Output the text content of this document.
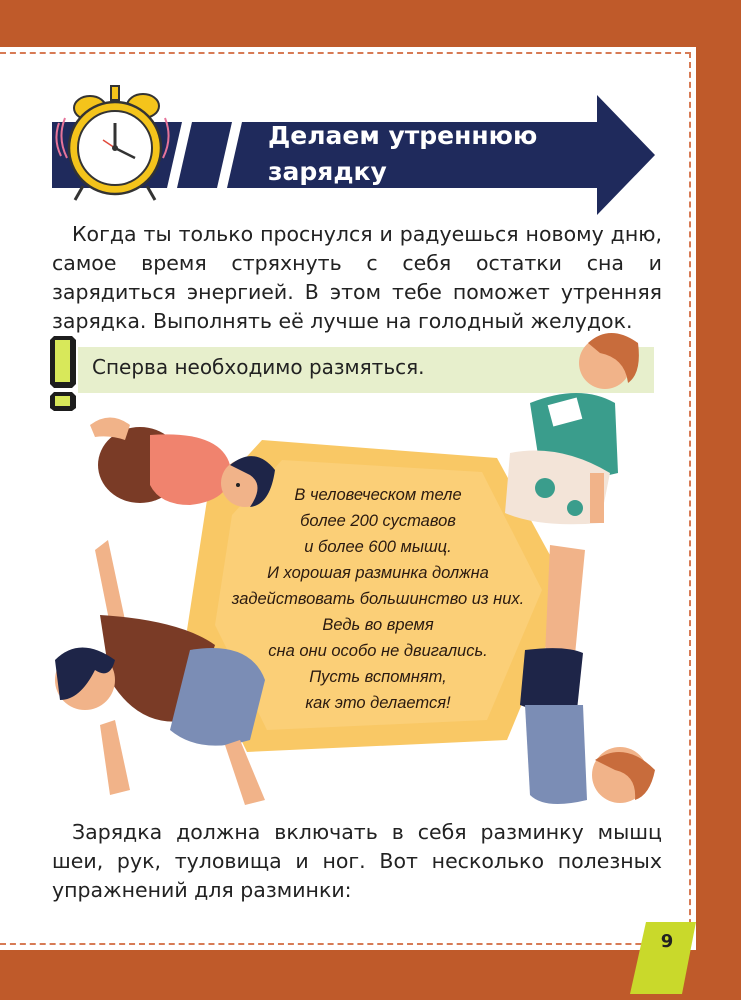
Делаем утреннюю
зарядку

Когда ты только проснулся и радуешься новому дню, самое время стряхнуть с себя остатки сна и зарядиться энергией. В этом тебе поможет утренняя зарядка. Выполнять её лучше на голодный желудок.

Сперва необходимо размяться.
В человеческом теле
более 200 суставов
и более 600 мышц.
И хорошая разминка должна
задействовать большинство из них.
Ведь во время
сна они особо не двигались.
Пусть вспомнят,
как это делается!

Зарядка должна включать в себя разминку мышц шеи, рук, туловища и ног. Вот несколько полезных упражнений для разминки:

9
